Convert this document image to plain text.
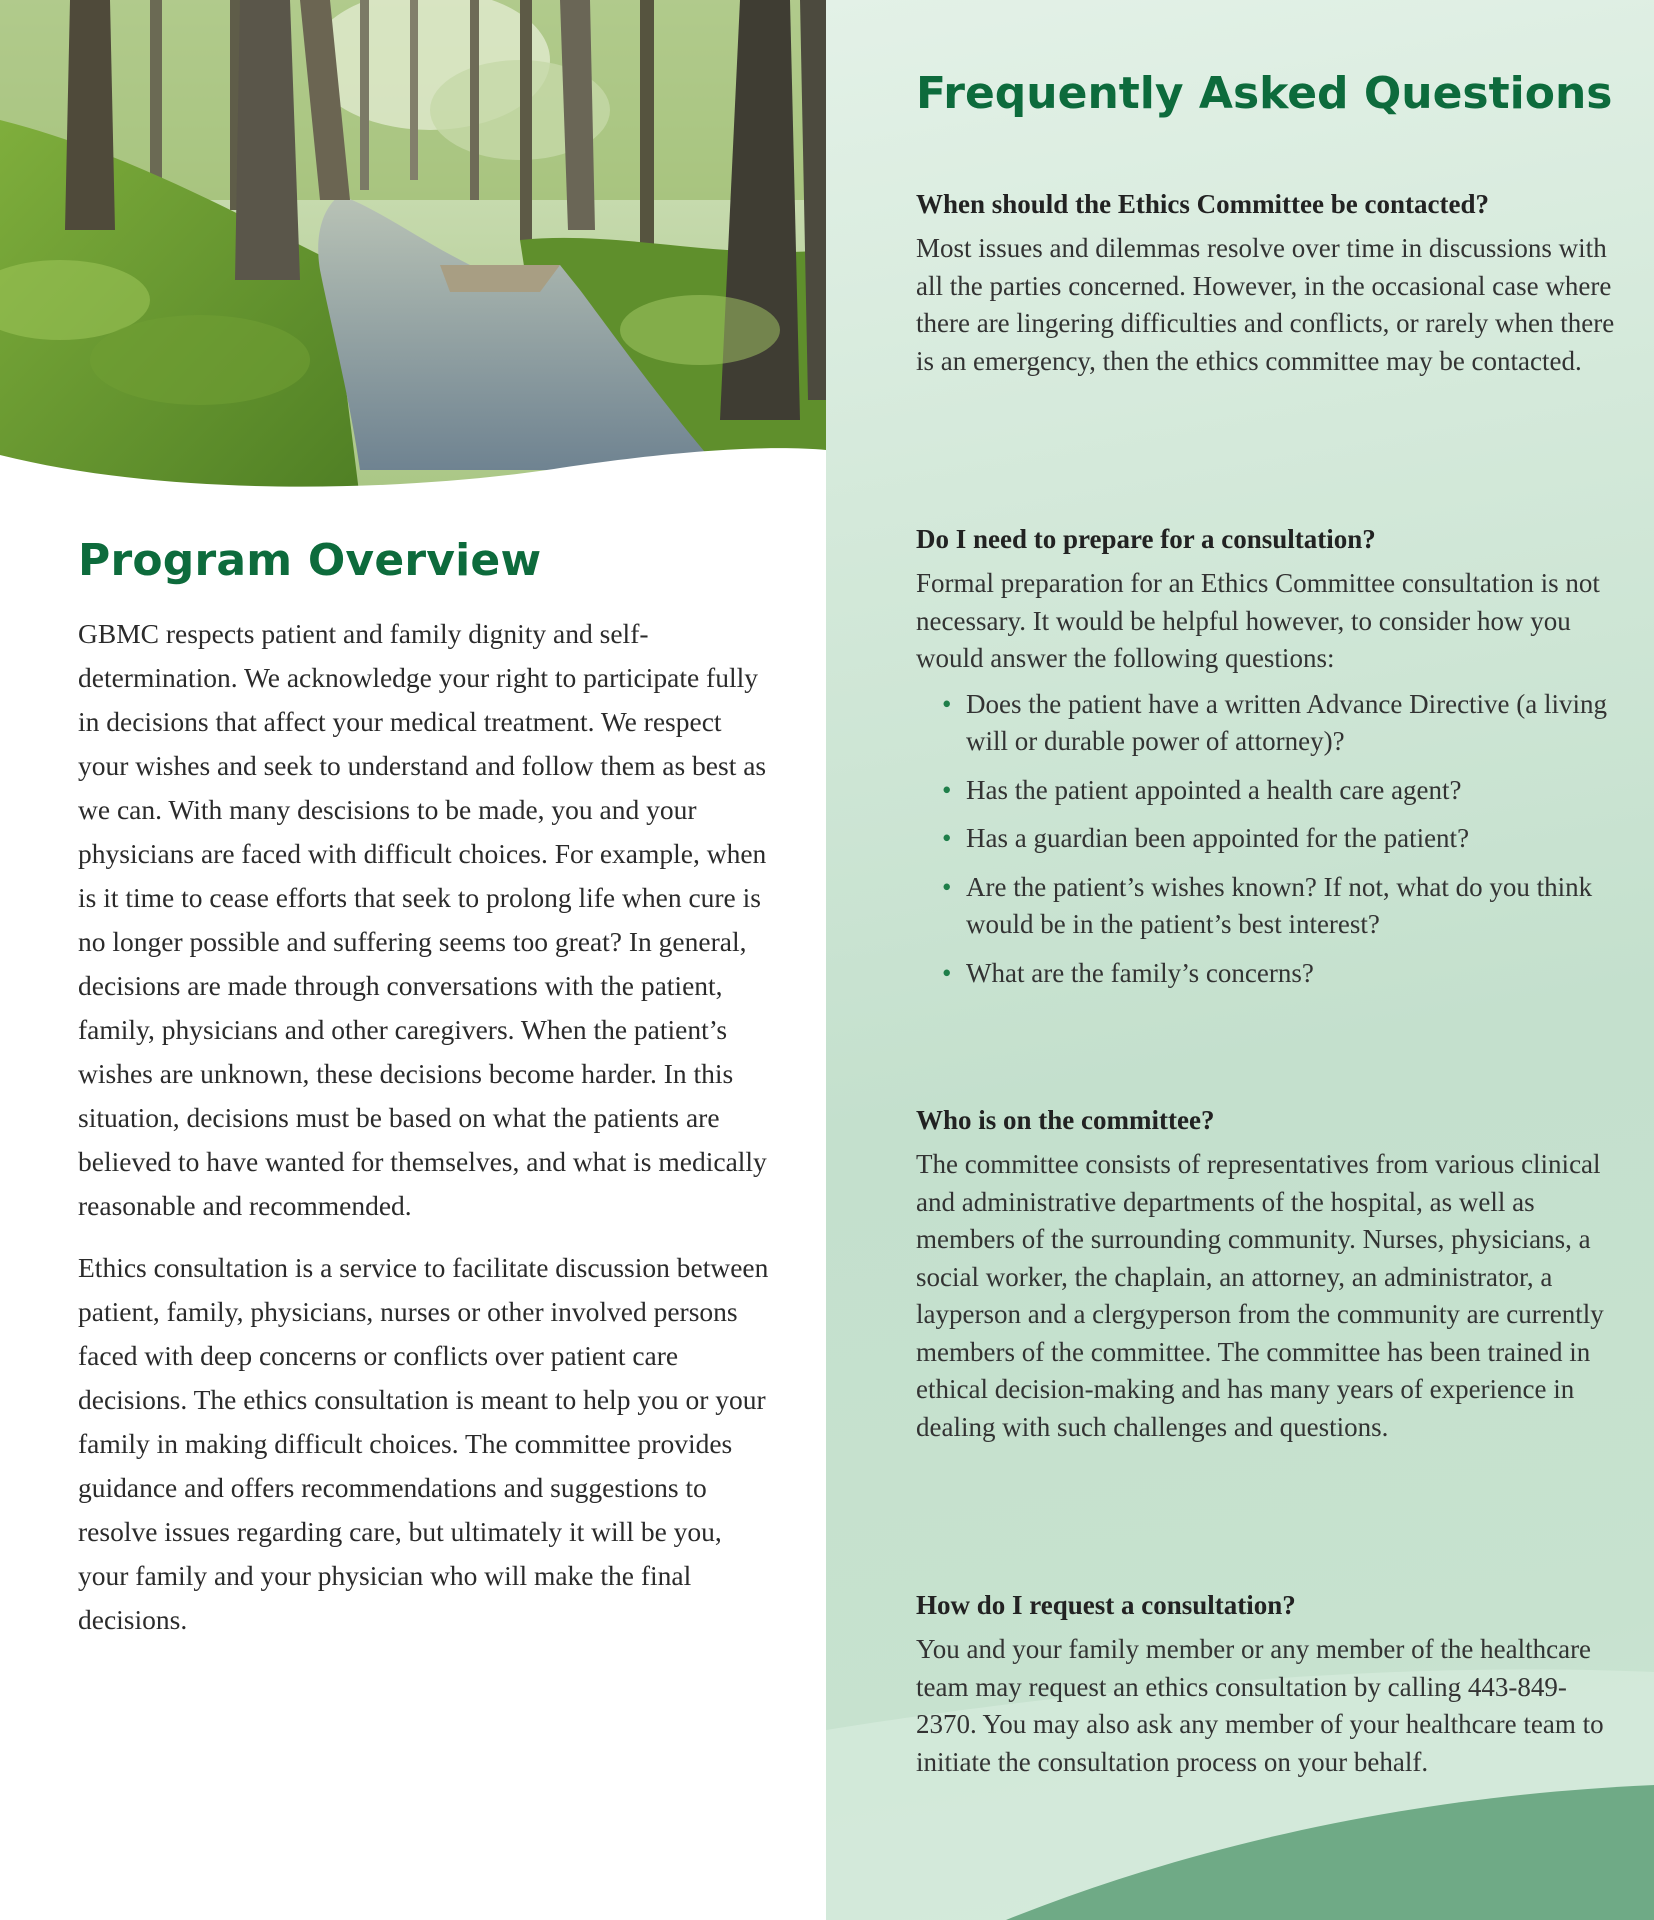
Program Overview

GBMC respects patient and family dignity and self-determination. We acknowledge your right to participate fully in decisions that affect your medical treatment. We respect your wishes and seek to understand and follow them as best as we can. With many descisions to be made, you and your physicians are faced with difficult choices. For example, when is it time to cease efforts that seek to prolong life when cure is no longer possible and suffering seems too great? In general, decisions are made through conversations with the patient, family, physicians and other caregivers. When the patient’s wishes are unknown, these decisions become harder. In this situation, decisions must be based on what the patients are believed to have wanted for themselves, and what is medically reasonable and recommended.

Ethics consultation is a service to facilitate discussion between patient, family, physicians, nurses or other involved persons faced with deep concerns or conflicts over patient care decisions. The ethics consultation is meant to help you or your family in making difficult choices. The committee provides guidance and offers recommendations and suggestions to resolve issues regarding care, but ultimately it will be you, your family and your physician who will make the final decisions.

Frequently Asked Questions
When should the Ethics Committee be contacted?

Most issues and dilemmas resolve over time in discussions with all the parties concerned. However, in the occasional case where there are lingering difficulties and conflicts, or rarely when there is an emergency, then the ethics committee may be contacted.

Do I need to prepare for a consultation?

Formal preparation for an Ethics Committee consultation is not necessary. It would be helpful however, to consider how you would answer the following questions:

• Does the patient have a written Advance Directive (a living will or durable power of attorney)?
• Has the patient appointed a health care agent?
• Has a guardian been appointed for the patient?
• Are the patient’s wishes known? If not, what do you think would be in the patient’s best interest?
• What are the family’s concerns?
Who is on the committee?

The committee consists of representatives from various clinical and administrative departments of the hospital, as well as members of the surrounding community. Nurses, physicians, a social worker, the chaplain, an attorney, an administrator, a layperson and a clergyperson from the community are currently members of the committee. The committee has been trained in ethical decision-making and has many years of experience in dealing with such challenges and questions.

How do I request a consultation?

You and your family member or any member of the healthcare team may request an ethics consultation by calling 443-849-2370. You may also ask any member of your healthcare team to initiate the consultation process on your behalf.
